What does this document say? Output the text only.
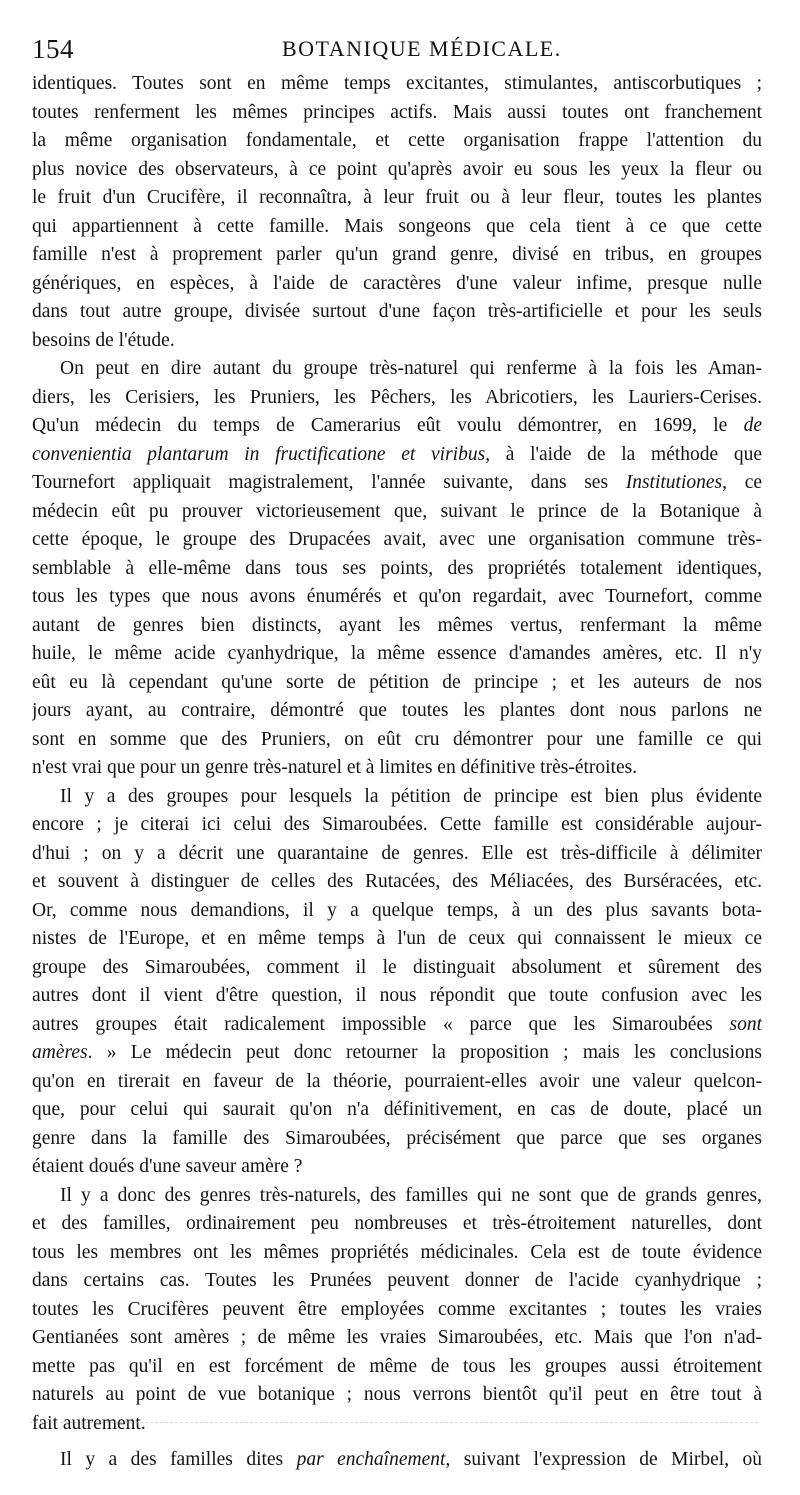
154	BOTANIQUE MÉDICALE.
identiques. Toutes sont en même temps excitantes, stimulantes, antiscorbutiques ;
toutes renferment les mêmes principes actifs. Mais aussi toutes ont franchement
la même organisation fondamentale, et cette organisation frappe l'attention du
plus novice des observateurs, à ce point qu'après avoir eu sous les yeux la fleur ou
le fruit d'un Crucifère, il reconnaîtra, à leur fruit ou à leur fleur, toutes les plantes
qui appartiennent à cette famille. Mais songeons que cela tient à ce que cette
famille n'est à proprement parler qu'un grand genre, divisé en tribus, en groupes
génériques, en espèces, à l'aide de caractères d'une valeur infime, presque nulle
dans tout autre groupe, divisée surtout d'une façon très-artificielle et pour les seuls
besoins de l'étude.
On peut en dire autant du groupe très-naturel qui renferme à la fois les Aman-
diers, les Cerisiers, les Pruniers, les Pêchers, les Abricotiers, les Lauriers-Cerises.
Qu'un médecin du temps de Camerarius eût voulu démontrer, en 1699, le de
convenientia plantarum in fructificatione et viribus, à l'aide de la méthode que
Tournefort appliquait magistralement, l'année suivante, dans ses Institutiones, ce
médecin eût pu prouver victorieusement que, suivant le prince de la Botanique à
cette époque, le groupe des Drupacées avait, avec une organisation commune très-
semblable à elle-même dans tous ses points, des propriétés totalement identiques,
tous les types que nous avons énumérés et qu'on regardait, avec Tournefort, comme
autant de genres bien distincts, ayant les mêmes vertus, renfermant la même
huile, le même acide cyanhydrique, la même essence d'amandes amères, etc. Il n'y
eût eu là cependant qu'une sorte de pétition de principe ; et les auteurs de nos
jours ayant, au contraire, démontré que toutes les plantes dont nous parlons ne
sont en somme que des Pruniers, on eût cru démontrer pour une famille ce qui
n'est vrai que pour un genre très-naturel et à limites en définitive très-étroites.
Il y a des groupes pour lesquels la pétition de principe est bien plus évidente
encore ; je citerai ici celui des Simaroubées. Cette famille est considérable aujour-
d'hui ; on y a décrit une quarantaine de genres. Elle est très-difficile à délimiter
et souvent à distinguer de celles des Rutacées, des Méliacées, des Burséracées, etc.
Or, comme nous demandions, il y a quelque temps, à un des plus savants bota-
nistes de l'Europe, et en même temps à l'un de ceux qui connaissent le mieux ce
groupe des Simaroubées, comment il le distinguait absolument et sûrement des
autres dont il vient d'être question, il nous répondit que toute confusion avec les
autres groupes était radicalement impossible « parce que les Simaroubées sont
amères. » Le médecin peut donc retourner la proposition ; mais les conclusions
qu'on en tirerait en faveur de la théorie, pourraient-elles avoir une valeur quelcon-
que, pour celui qui saurait qu'on n'a définitivement, en cas de doute, placé un
genre dans la famille des Simaroubées, précisément que parce que ses organes
étaient doués d'une saveur amère ?
Il y a donc des genres très-naturels, des familles qui ne sont que de grands genres,
et des familles, ordinairement peu nombreuses et très-étroitement naturelles, dont
tous les membres ont les mêmes propriétés médicinales. Cela est de toute évidence
dans certains cas. Toutes les Prunées peuvent donner de l'acide cyanhydrique ;
toutes les Crucifères peuvent être employées comme excitantes ; toutes les vraies
Gentianées sont amères ; de même les vraies Simaroubées, etc. Mais que l'on n'ad-
mette pas qu'il en est forcément de même de tous les groupes aussi étroitement
naturels au point de vue botanique ; nous verrons bientôt qu'il peut en être tout à
fait autrement.
Il y a des familles dites par enchaînement, suivant l'expression de Mirbel, où
